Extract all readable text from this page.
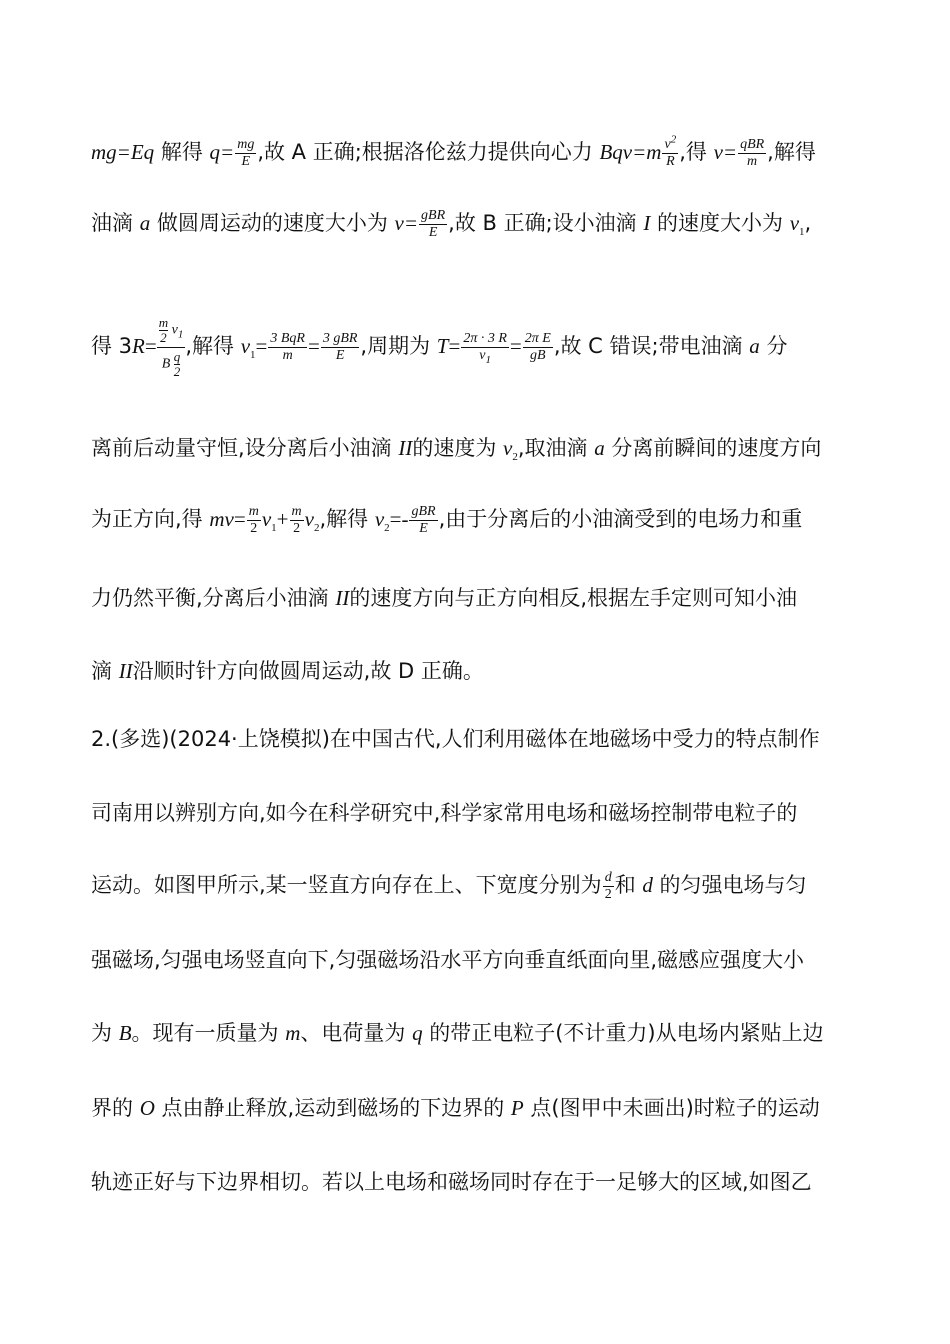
mg=Eq 解得 $q= \frac{mg}{E}$ ,故 A 正确;根据洛伦兹力提供向心力 $Bqv=m \frac{v^2}{R}$ ,得 $v= \frac{\text{qBR}}{m}$ ,解得
油滴 a 做圆周运动的速度大小为 $v= \frac{\text{gBR}}{E}$ ,故 B 正确;设小油滴 I 的速度大小为 $v_1$,
得 $3R= \frac{\frac{m}{2} v_1}{B \frac{q}{2}}$ ,解得 $v_1= \frac{\text{3 BqR}}{m} = \frac{\text{3 gBR}}{E}$ ,周期为 $T= \frac{2\pi \cdot 3 R}{v_1} = \frac{\text{2π E}}{gB}$ ,故 C 错误;带电油滴 a 分
离前后动量守恒,设分离后小油滴 II的速度为 $v_2$,取油滴 a 分离前瞬间的速度方向
为正方向,得 $mv= \frac{m}{2} v_1+ \frac{m}{2} v_2$,解得 $v_2=- \frac{\text{gBR}}{E}$ ,由于分离后的小油滴受到的电场力和重
力仍然平衡,分离后小油滴 II的速度方向与正方向相反,根据左手定则可知小油
滴 II沿顺时针方向做圆周运动,故 D 正确。
2.(多选)(2024·上饶模拟)在中国古代,人们利用磁体在地磁场中受力的特点制作
司南用以辨别方向,如今在科学研究中,科学家常用电场和磁场控制带电粒子的
运动。如图甲所示,某一竖直方向存在上、下宽度分别为 $\frac{d}{2}$ 和 d 的匀强电场与匀
强磁场,匀强电场竖直向下,匀强磁场沿水平方向垂直纸面向里,磁感应强度大小
为 B。现有一质量为 m、电荷量为 q 的带正电粒子(不计重力)从电场内紧贴上边
界的 O 点由静止释放,运动到磁场的下边界的 P 点(图甲中未画出)时粒子的运动
轨迹正好与下边界相切。若以上电场和磁场同时存在于一足够大的区域,如图乙
